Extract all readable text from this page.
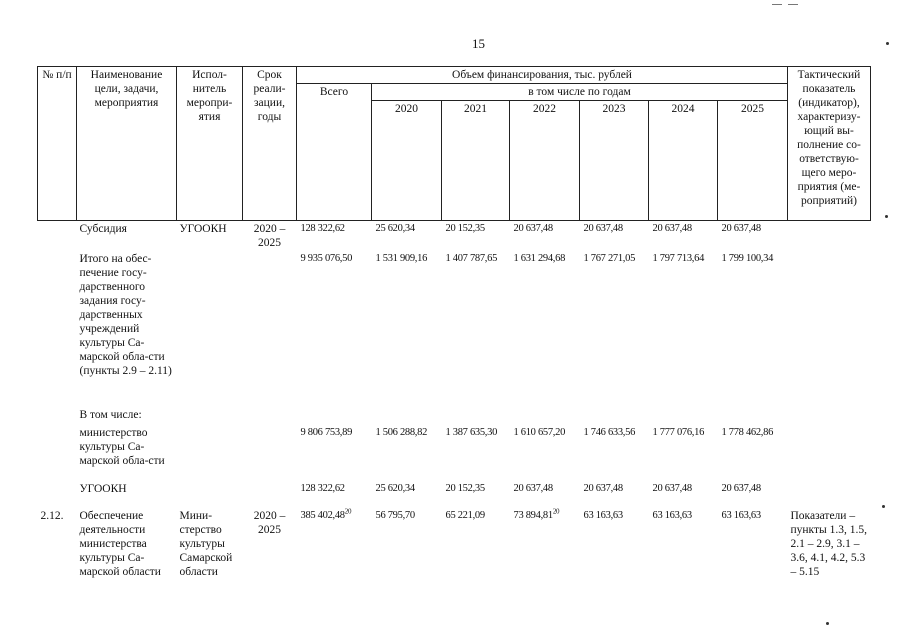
15
№ п/п	Наименование цели, задачи, мероприятия	Испол-нитель меропри-ятия	Срок реали-зации, годы	Объем финансирования, тыс. рублей							Тактический показатель (индикатор), характеризу-ющий вы-полнение со-ответствую-щего меро-приятия (ме-роприятий)
				Всего	в том числе по годам						
					2020	2021	2022	2023	2024	2025	
	Субсидия	УГООКН	2020 – 2025	128 322,62	25 620,34	20 152,35	20 637,48	20 637,48	20 637,48	20 637,48	
	Итого на обес-печение госу-дарственного задания госу-дарственных учреждений культуры Са-марской обла-сти (пункты 2.9 – 2.11)			9 935 076,50	1 531 909,16	1 407 787,65	1 631 294,68	1 767 271,05	1 797 713,64	1 799 100,34	
	В том числе:										
	министерство культуры Са-марской обла-сти			9 806 753,89	1 506 288,82	1 387 635,30	1 610 657,20	1 746 633,56	1 777 076,16	1 778 462,86	
	УГООКН			128 322,62	25 620,34	20 152,35	20 637,48	20 637,48	20 637,48	20 637,48	
2.12.	Обеспечение деятельности министерства культуры Са-марской области	Мини-стерство культуры Самарской области	2020 – 2025	385 402,48$^{20}$	56 795,70	65 221,09	73 894,81$^{20}$	63 163,63	63 163,63	63 163,63	Показатели – пункты 1.3, 1.5, 2.1 – 2.9, 3.1 – 3.6, 4.1, 4.2, 5.3 – 5.15
